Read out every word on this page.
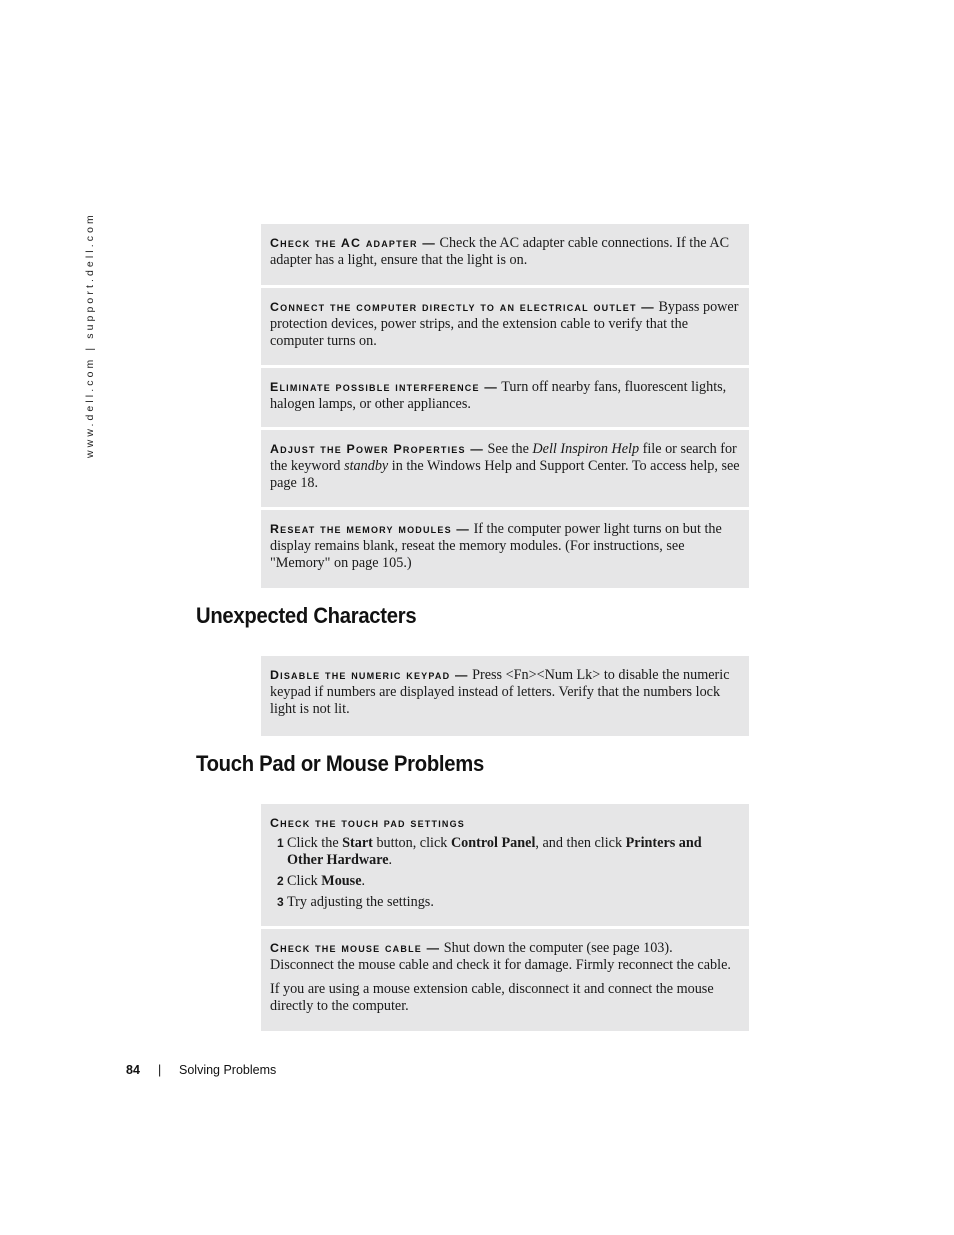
www.dell.com | support.dell.com	Check the AC adapter — Check the AC adapter cable connections. If the AC adapter has a light, ensure that the light is on.
Connect the computer directly to an electrical outlet — Bypass power protection devices, power strips, and the extension cable to verify that the computer turns on.
Eliminate possible interference — Turn off nearby fans, fluorescent lights, halogen lamps, or other appliances.
Adjust the Power Properties — See the Dell Inspiron Help file or search for the keyword standby in the Windows Help and Support Center. To access help, see page 18.
Reseat the memory modules — If the computer power light turns on but the display remains blank, reseat the memory modules. (For instructions, see "Memory" on page 105.)
Unexpected Characters
Disable the numeric keypad — Press <Fn><Num Lk> to disable the numeric keypad if numbers are displayed instead of letters. Verify that the numbers lock light is not lit.
Touch Pad or Mouse Problems
Check the touch pad settings
1 Click the Start button, click Control Panel, and then click Printers and Other Hardware.
2 Click Mouse.
3 Try adjusting the settings.
Check the mouse cable — Shut down the computer (see page 103). Disconnect the mouse cable and check it for damage. Firmly reconnect the cable.
If you are using a mouse extension cable, disconnect it and connect the mouse directly to the computer.
84 | Solving Problems
